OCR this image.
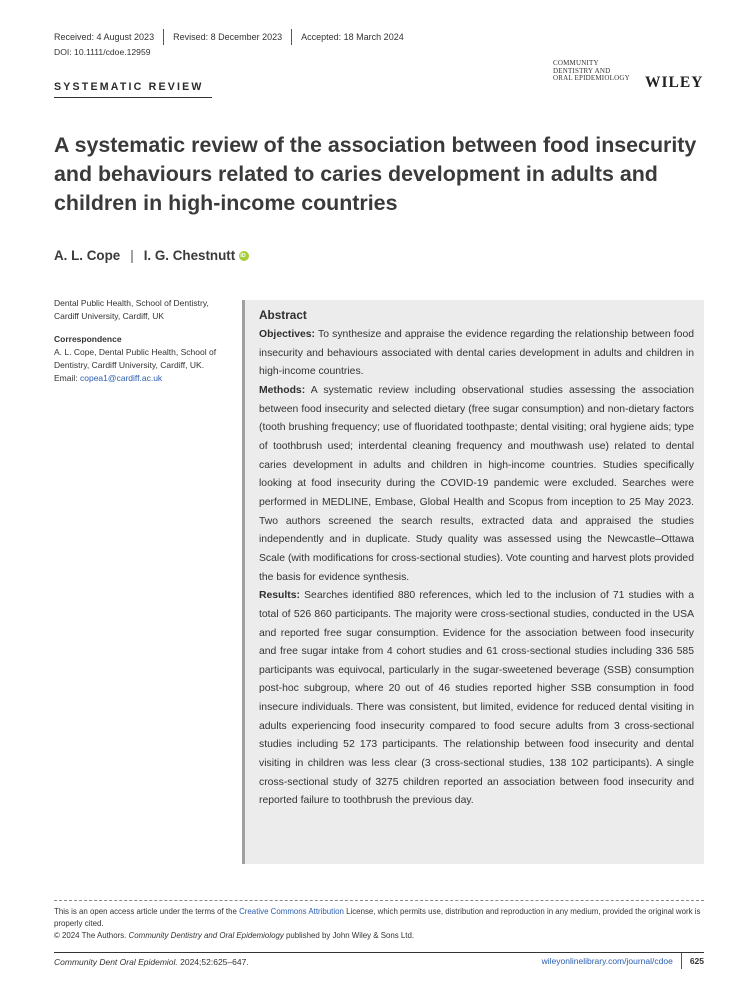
Received: 4 August 2023 Revised: 8 December 2023 Accepted: 18 March 2024
DOI: 10.1111/cdoe.12959
SYSTEMATIC REVIEW
COMMUNITY
DENTISTRY AND
ORAL EPIDEMIOLOGY WILEY
A systematic review of the association between food insecurity and behaviours related to caries development in adults and children in high-income countries
A. L. Cope | I. G. Chestnutt
iD

Dental Public Health, School of Dentistry, Cardiff University, Cardiff, UK

Correspondence

A. L. Cope, Dental Public Health, School of Dentistry, Cardiff University, Cardiff, UK.

Email: copea1@cardiff.ac.uk

Abstract

Objectives: To synthesize and appraise the evidence regarding the relationship between food insecurity and behaviours associated with dental caries development in adults and children in high-income countries.

Methods: A systematic review including observational studies assessing the association between food insecurity and selected dietary (free sugar consumption) and non-dietary factors (tooth brushing frequency; use of fluoridated toothpaste; dental visiting; oral hygiene aids; type of toothbrush used; interdental cleaning frequency and mouthwash use) related to dental caries development in adults and children in high-income countries. Studies specifically looking at food insecurity during the COVID-19 pandemic were excluded. Searches were performed in MEDLINE, Embase, Global Health and Scopus from inception to 25 May 2023. Two authors screened the search results, extracted data and appraised the studies independently and in duplicate. Study quality was assessed using the Newcastle–Ottawa Scale (with modifications for cross-sectional studies). Vote counting and harvest plots provided the basis for evidence synthesis.

Results: Searches identified 880 references, which led to the inclusion of 71 studies with a total of 526 860 participants. The majority were cross-sectional studies, conducted in the USA and reported free sugar consumption. Evidence for the association between food insecurity and free sugar intake from 4 cohort studies and 61 cross-sectional studies including 336 585 participants was equivocal, particularly in the sugar-sweetened beverage (SSB) consumption post-hoc subgroup, where 20 out of 46 studies reported higher SSB consumption in food insecure individuals. There was consistent, but limited, evidence for reduced dental visiting in adults experiencing food insecurity compared to food secure adults from 3 cross-sectional studies including 52 173 participants. The relationship between food insecurity and dental visiting in children was less clear (3 cross-sectional studies, 138 102 participants). A single cross-sectional study of 3275 children reported an association between food insecurity and reported failure to toothbrush the previous day.

This is an open access article under the terms of the Creative Commons Attribution License, which permits use, distribution and reproduction in any medium, provided the original work is properly cited.

© 2024 The Authors. Community Dentistry and Oral Epidemiology published by John Wiley & Sons Ltd.

Community Dent Oral Epidemiol. 2024;52:625–647.	wileyonlinelibrary.com/journal/cdoe 625
